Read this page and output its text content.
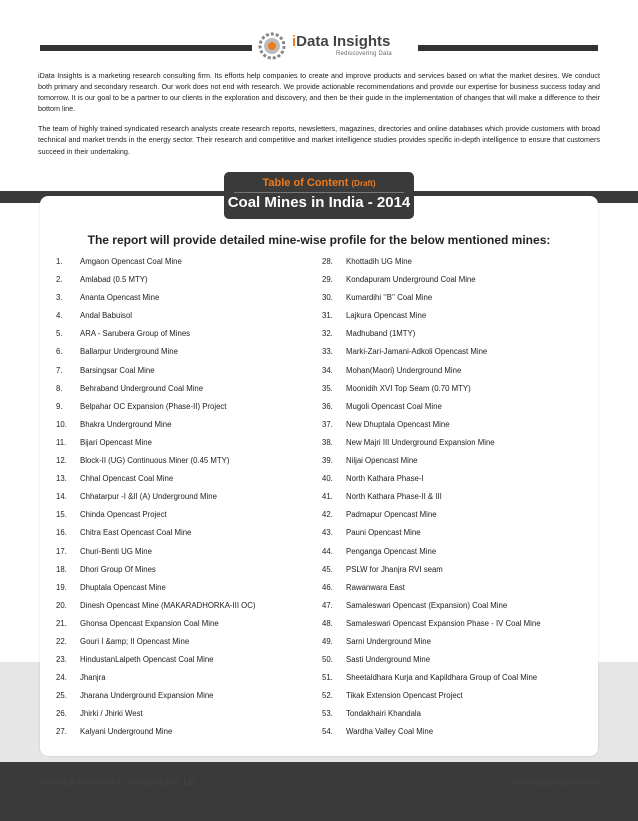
iData Insights
Rediscovering Data

iData Insights is a marketing research consulting firm. Its efforts help companies to create and improve products and services based on what the market desires. We conduct both primary and secondary research. Our work does not end with research. We provide actionable recommendations and provide our expertise for business success today and tomorrow. It is our goal to be a partner to our clients in the exploration and discovery, and then be their guide in the implementation of changes that will make a difference to their bottom line.

The team of highly trained syndicated research analysts create research reports, newsletters, magazines, directories and online databases which provide customers with broad technical and market trends in the energy sector. Their research and competitive and market intelligence studies provides specific in-depth intelligence to ensure that customers succeed in their undertaking.

Table of Content (Draft)
Coal Mines in India - 2014
The report will provide detailed mine-wise profile for the below mentioned mines:
1. Amgaon Opencast Coal Mine
2. Amlabad (0.5 MTY)
3. Ananta Opencast Mine
4. Andal Babuisol
5. ARA - Sarubera Group of Mines
6. Ballarpur Underground Mine
7. Barsingsar Coal Mine
8. Behraband Underground Coal Mine
9. Belpahar OC Expansion (Phase-II) Project
10. Bhakra Underground Mine
11. Bijari Opencast Mine
12. Block-II (UG) Continuous Miner (0.45 MTY)
13. Chhal Opencast Coal Mine
14. Chhatarpur -I &II (A) Underground Mine
15. Chinda Opencast Project
16. Chitra East Opencast Coal Mine
17. Churi-Benti UG Mine
18. Dhori Group Of Mines
19. Dhuptala Opencast Mine
20. Dinesh Opencast Mine (MAKARADHORKA-III OC)
21. Ghonsa Opencast Expansion Coal Mine
22. Gouri I &amp; II Opencast Mine
23. HindustanLalpeth Opencast Coal Mine
24. Jhanjra
25. Jharana Underground Expansion Mine
26. Jhirki / Jhirki West
27. Kalyani Underground Mine
28. Khottadih UG Mine
29. Kondapuram Underground Coal Mine
30. Kumardihi ‘’B’’ Coal Mine
31. Lajkura Opencast Mine
32. Madhuband (1MTY)
33. Marki-Zari-Jamani-Adkoli Opencast Mine
34. Mohan(Maori) Underground Mine
35. Moonidih XVI Top Seam (0.70 MTY)
36. Mugoli Opencast Coal Mine
37. New Dhuptala Opencast Mine
38. New Majri III Underground Expansion Mine
39. Niljai Opencast Mine
40. North Kathara Phase-I
41. North Kathara Phase-II & III
42. Padmapur Opencast Mine
43. Pauni Opencast Mine
44. Penganga Opencast Mine
45. PSLW for Jhanjra RVI seam
46. Rawanwara East
47. Samaleswari Opencast (Expansion) Coal Mine
48. Samaleswari Opencast Expansion Phase - IV Coal Mine
49. Sarni Underground Mine
50. Sasti Underground Mine
51. Sheetaldhara Kurja and Kapildhara Group of Coal Mine
52. Tikak Extension Opencast Project
53. Tondakhairi Khandala
54. Wardha Valley Coal Mine
Precision Research & Consulting Pvt. Ltd.	www.idatainsights.com
